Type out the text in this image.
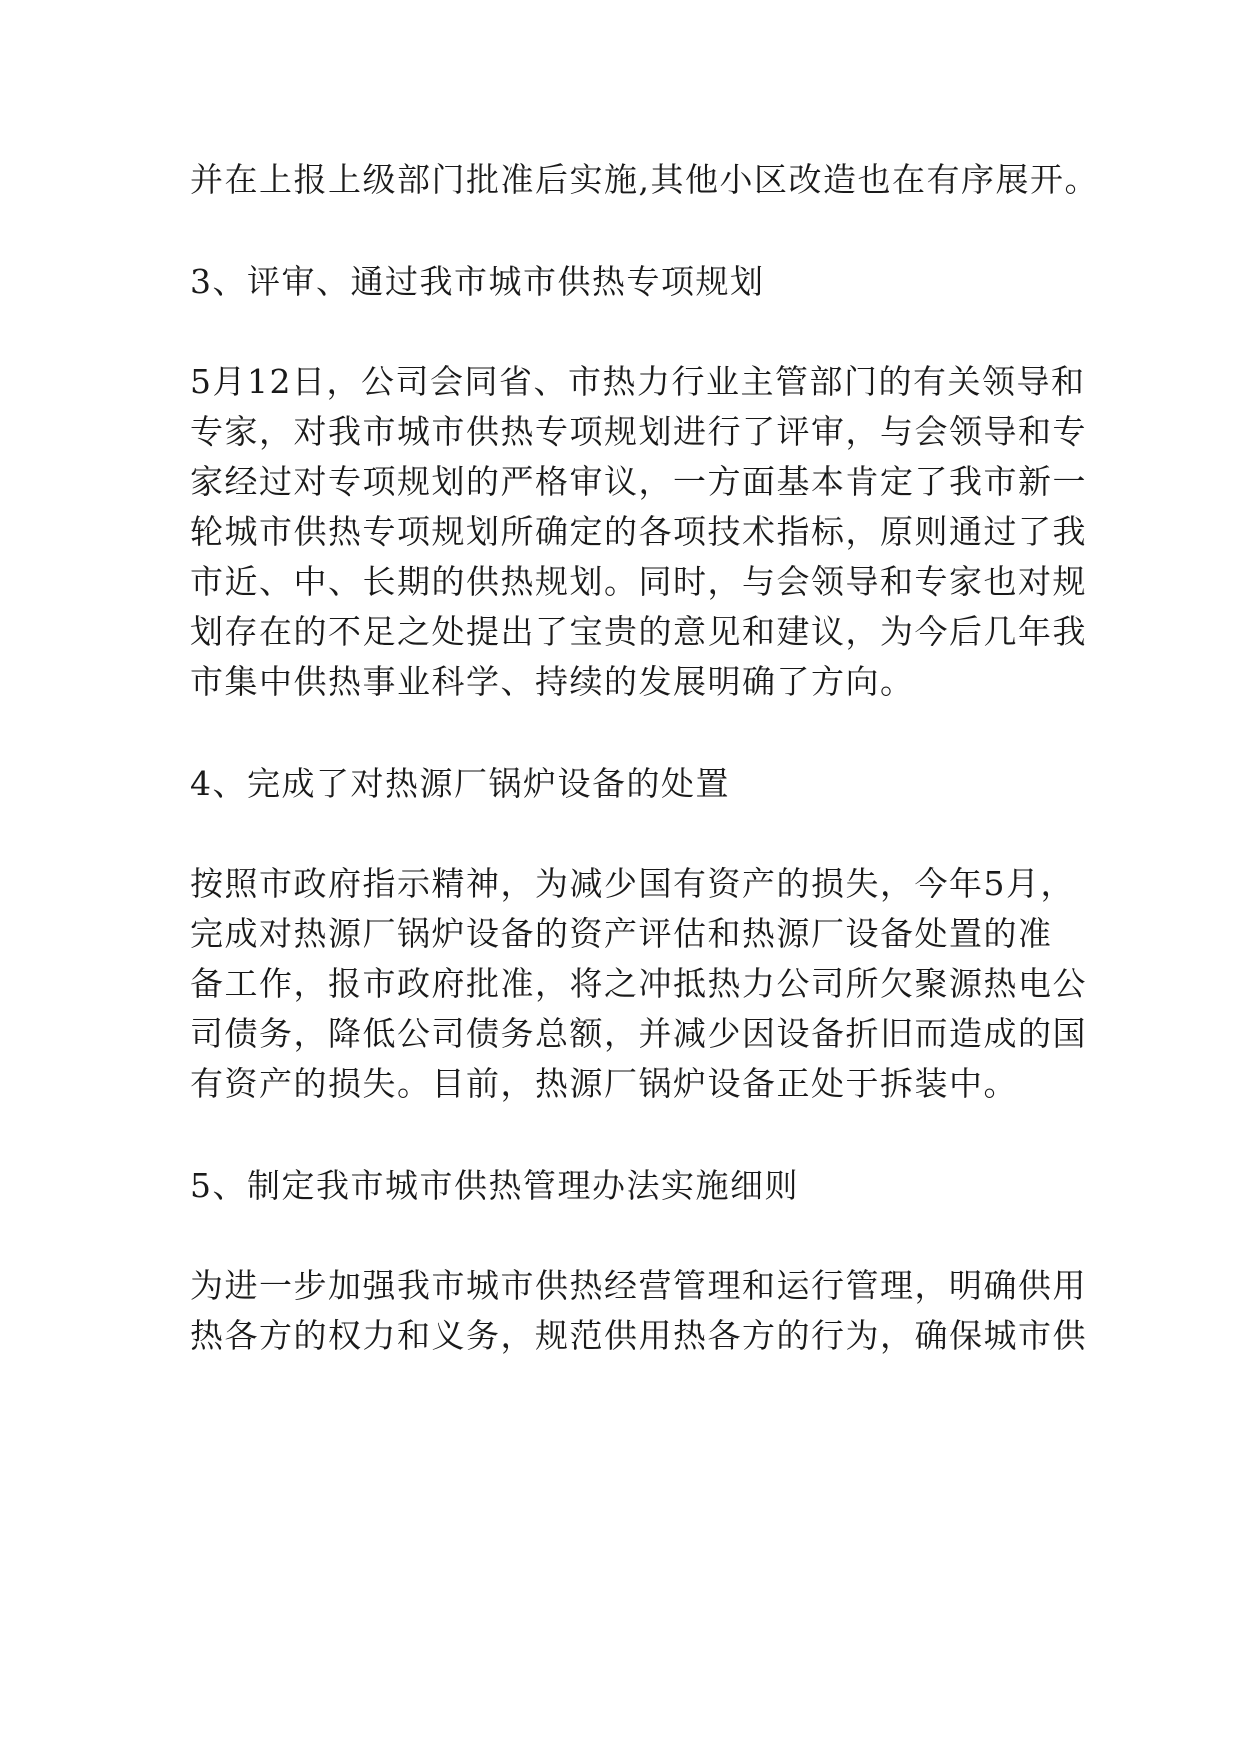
并在上报上级部门批准后实施,其他小区改造也在有序展开。
3、评审、通过我市城市供热专项规划
5月12日，公司会同省、市热力行业主管部门的有关领导和
专家，对我市城市供热专项规划进行了评审，与会领导和专
家经过对专项规划的严格审议，一方面基本肯定了我市新一
轮城市供热专项规划所确定的各项技术指标，原则通过了我
市近、中、长期的供热规划。同时，与会领导和专家也对规
划存在的不足之处提出了宝贵的意见和建议，为今后几年我
市集中供热事业科学、持续的发展明确了方向。
4、完成了对热源厂锅炉设备的处置
按照市政府指示精神，为减少国有资产的损失，今年5月，
完成对热源厂锅炉设备的资产评估和热源厂设备处置的准
备工作，报市政府批准，将之冲抵热力公司所欠聚源热电公
司债务，降低公司债务总额，并减少因设备折旧而造成的国
有资产的损失。目前，热源厂锅炉设备正处于拆装中。
5、制定我市城市供热管理办法实施细则
为进一步加强我市城市供热经营管理和运行管理，明确供用
热各方的权力和义务，规范供用热各方的行为，确保城市供
